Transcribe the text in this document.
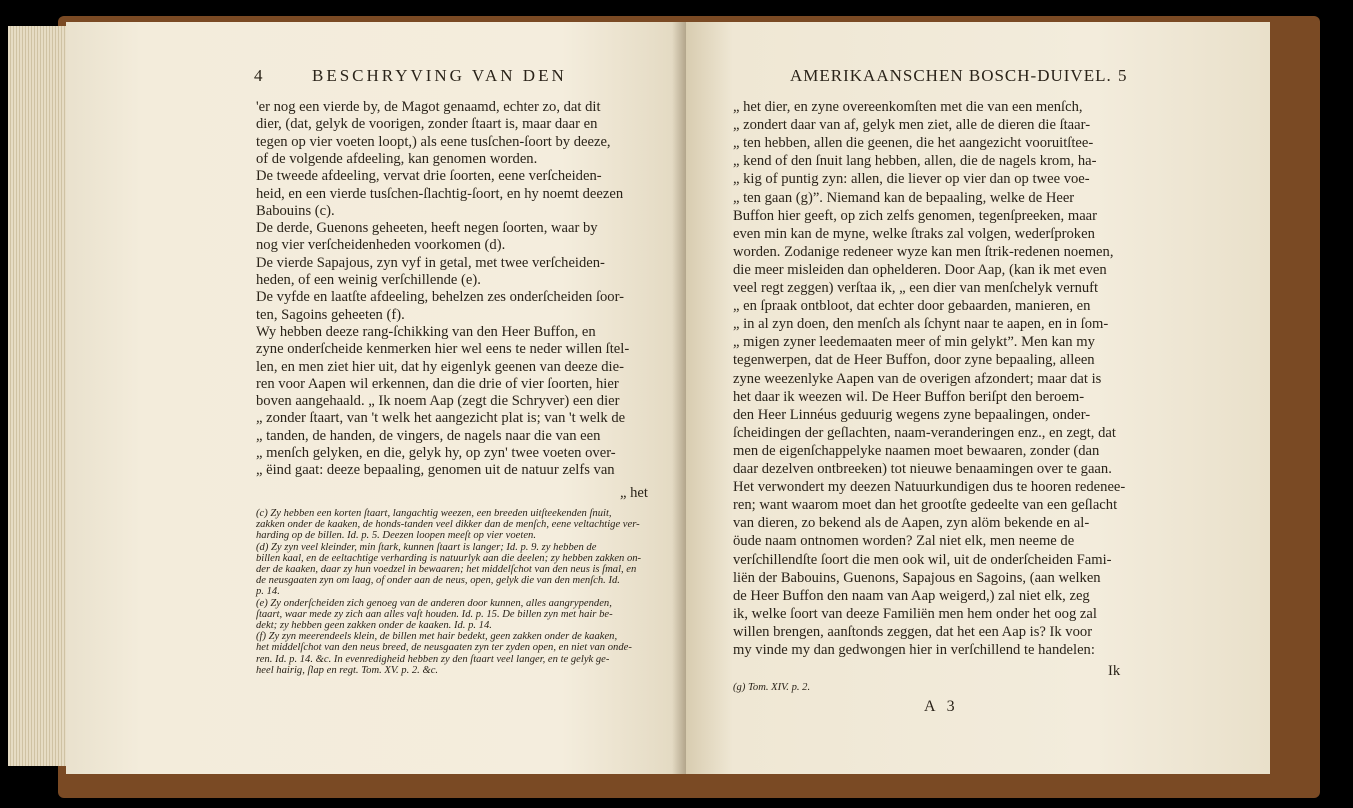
4	BESCHRYVING VAN DEN
'er nog een vierde by, de Magot genaamd, echter zo, dat dit
dier, (dat, gelyk de voorigen, zonder ſtaart is, maar daar en
tegen op vier voeten loopt,) als eene tusſchen-ſoort by deeze,
of de volgende afdeeling, kan genomen worden.
De tweede afdeeling, vervat drie ſoorten, eene verſcheiden-
heid, en een vierde tusſchen-ſlachtig-ſoort, en hy noemt deezen
Babouins (c).
De derde, Guenons geheeten, heeft negen ſoorten, waar by
nog vier verſcheidenheden voorkomen (d).
De vierde Sapajous, zyn vyf in getal, met twee verſcheiden-
heden, of een weinig verſchillende (e).
De vyfde en laatſte afdeeling, behelzen zes onderſcheiden ſoor-
ten, Sagoins geheeten (f).
Wy hebben deeze rang-ſchikking van den Heer Buffon, en
zyne onderſcheide kenmerken hier wel eens te neder willen ſtel-
len, en men ziet hier uit, dat hy eigenlyk geenen van deeze die-
ren voor Aapen wil erkennen, dan die drie of vier ſoorten, hier
boven aangehaald. „ Ik noem Aap (zegt die Schryver) een dier
„ zonder ſtaart, van 't welk het aangezicht plat is; van 't welk de
„ tanden, de handen, de vingers, de nagels naar die van een
„ menſch gelyken, en die, gelyk hy, op zyn' twee voeten over-
„ ëind gaat: deeze bepaaling, genomen uit de natuur zelfs van
„ het
(c) Zy hebben een korten ſtaart, langachtig weezen, een breeden uitſteekenden ſnuit,
zakken onder de kaaken, de honds-tanden veel dikker dan de menſch, eene veltachtige ver-
harding op de billen. Id. p. 5. Deezen loopen meeſt op vier voeten.
(d) Zy zyn veel kleinder, min ſtark, kunnen ſtaart is langer; Id. p. 9. zy hebben de
billen kaal, en de eeltachtige verharding is natuurlyk aan die deelen; zy hebben zakken on-
der de kaaken, daar zy hun voedzel in bewaaren; het middelſchot van den neus is ſmal, en
de neusgaaten zyn om laag, of onder aan de neus, open, gelyk die van den menſch. Id.
p. 14.
(e) Zy onderſcheiden zich genoeg van de anderen door kunnen, alles aangrypenden,
ſtaart, waar mede zy zich aan alles vaſt houden. Id. p. 15. De billen zyn met hair be-
dekt; zy hebben geen zakken onder de kaaken. Id. p. 14.
(f) Zy zyn meerendeels klein, de billen met hair bedekt, geen zakken onder de kaaken,
het middelſchot van den neus breed, de neusgaaten zyn ter zyden open, en niet van onde-
ren. Id. p. 14. &c. In evenredigheid hebben zy den ſtaart veel langer, en te gelyk ge-
heel hairig, ſlap en regt. Tom. XV. p. 2. &c.
AMERIKAANSCHEN BOSCH-DUIVEL. 5
„ het dier, en zyne overeenkomſten met die van een menſch,
„ zondert daar van af, gelyk men ziet, alle de dieren die ſtaar-
„ ten hebben, allen die geenen, die het aangezicht vooruitſtee-
„ kend of den ſnuit lang hebben, allen, die de nagels krom, ha-
„ kig of puntig zyn: allen, die liever op vier dan op twee voe-
„ ten gaan (g)”. Niemand kan de bepaaling, welke de Heer
Buffon hier geeft, op zich zelfs genomen, tegenſpreeken, maar
even min kan de myne, welke ſtraks zal volgen, wederſproken
worden. Zodanige redeneer wyze kan men ſtrik-redenen noemen,
die meer misleiden dan ophelderen. Door Aap, (kan ik met even
veel regt zeggen) verſtaa ik, „ een dier van menſchelyk vernuft
„ en ſpraak ontbloot, dat echter door gebaarden, manieren, en
„ in al zyn doen, den menſch als ſchynt naar te aapen, en in ſom-
„ migen zyner leedemaaten meer of min gelykt”. Men kan my
tegenwerpen, dat de Heer Buffon, door zyne bepaaling, alleen
zyne weezenlyke Aapen van de overigen afzondert; maar dat is
het daar ik weezen wil. De Heer Buffon beriſpt den beroem-
den Heer Linnéus geduurig wegens zyne bepaalingen, onder-
ſcheidingen der geſlachten, naam-veranderingen enz., en zegt, dat
men de eigenſchappelyke naamen moet bewaaren, zonder (dan
daar dezelven ontbreeken) tot nieuwe benaamingen over te gaan.
Het verwondert my deezen Natuurkundigen dus te hooren redenee-
ren; want waarom moet dan het grootſte gedeelte van een geſlacht
van dieren, zo bekend als de Aapen, zyn alöm bekende en al-
öude naam ontnomen worden? Zal niet elk, men neeme de
verſchillendſte ſoort die men ook wil, uit de onderſcheiden Fami-
liën der Babouins, Guenons, Sapajous en Sagoins, (aan welken
de Heer Buffon den naam van Aap weigerd,) zal niet elk, zeg
ik, welke ſoort van deeze Familiën men hem onder het oog zal
willen brengen, aanſtonds zeggen, dat het een Aap is? Ik voor
my vinde my dan gedwongen hier in verſchillend te handelen:
Ik
(g) Tom. XIV. p. 2.
A 3
